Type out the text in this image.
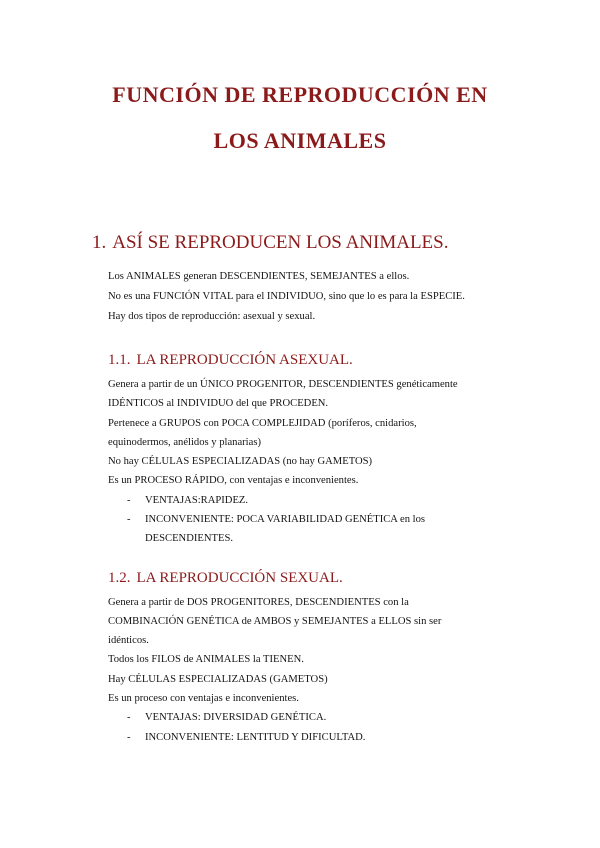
FUNCIÓN DE REPRODUCCIÓN EN
LOS ANIMALES
1. ASÍ SE REPRODUCEN LOS ANIMALES.

Los ANIMALES generan DESCENDIENTES, SEMEJANTES a ellos.

No es una FUNCIÓN VITAL para el INDIVIDUO, sino que lo es para la ESPECIE.

Hay dos tipos de reproducción: asexual y sexual.

1.1. LA REPRODUCCIÓN ASEXUAL.

Genera a partir de un ÚNICO PROGENITOR, DESCENDIENTES genéticamente

IDÉNTICOS al INDIVIDUO del que PROCEDEN.

Pertenece a GRUPOS con POCA COMPLEJIDAD (poríferos, cnidarios,

equinodermos, anélidos y planarias)

No hay CÉLULAS ESPECIALIZADAS (no hay GAMETOS)

Es un PROCESO RÁPIDO, con ventajas e inconvenientes.

- VENTAJAS:RAPIDEZ.

- INCONVENIENTE: POCA VARIABILIDAD GENÉTICA en los

DESCENDIENTES.

1.2. LA REPRODUCCIÓN SEXUAL.

Genera a partir de DOS PROGENITORES, DESCENDIENTES con la

COMBINACIÓN GENÉTICA de AMBOS y SEMEJANTES a ELLOS sin ser

idénticos.

Todos los FILOS de ANIMALES la TIENEN.

Hay CÉLULAS ESPECIALIZADAS (GAMETOS)

Es un proceso con ventajas e inconvenientes.

- VENTAJAS: DIVERSIDAD GENÉTICA.

- INCONVENIENTE: LENTITUD Y DIFICULTAD.
